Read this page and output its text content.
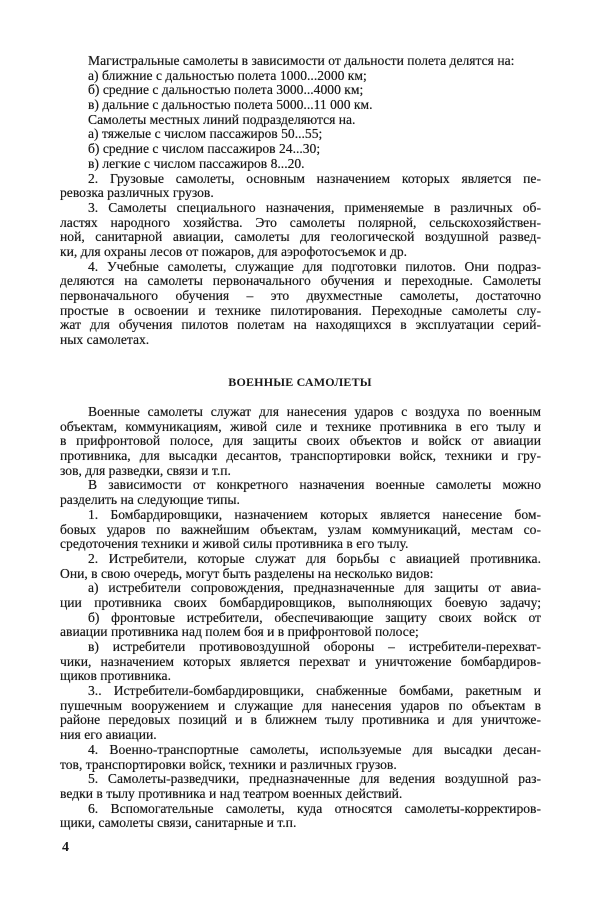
Магистральные самолеты в зависимости от дальности полета делятся на:
а) ближние с дальностью полета 1000...2000 км;
б) средние с дальностью полета 3000...4000 км;
в) дальние с дальностью полета 5000...11 000 км.
Самолеты местных линий подразделяются на.
а) тяжелые с числом пассажиров 50...55;
б) средние с числом пассажиров 24...30;
в) легкие с числом пассажиров 8...20.
2. Грузовые самолеты, основным назначением которых является пе-
ревозка различных грузов.
3. Самолеты специального назначения, применяемые в различных об-
ластях народного хозяйства. Это самолеты полярной, сельскохозяйствен-
ной, санитарной авиации, самолеты для геологической воздушной развед-
ки, для охраны лесов от пожаров, для аэрофотосъемок и др.
4. Учебные самолеты, служащие для подготовки пилотов. Они подраз-
деляются на самолеты первоначального обучения и переходные. Самолеты
первоначального обучения – это двухместные самолеты, достаточно
простые в освоении и технике пилотирования. Переходные самолеты слу-
жат для обучения пилотов полетам на находящихся в эксплуатации серий-
ных самолетах.
ВОЕННЫЕ САМОЛЕТЫ
Военные самолеты служат для нанесения ударов с воздуха по военным
объектам, коммуникациям, живой силе и технике противника в его тылу и
в прифронтовой полосе, для защиты своих объектов и войск от авиации
противника, для высадки десантов, транспортировки войск, техники и гру-
зов, для разведки, связи и т.п.
В зависимости от конкретного назначения военные самолеты можно
разделить на следующие типы.
1. Бомбардировщики, назначением которых является нанесение бом-
бовых ударов по важнейшим объектам, узлам коммуникаций, местам со-
средоточения техники и живой силы противника в его тылу.
2. Истребители, которые служат для борьбы с авиацией противника.
Они, в свою очередь, могут быть разделены на несколько видов:
а) истребители сопровождения, предназначенные для защиты от авиа-
ции противника своих бомбардировщиков, выполняющих боевую задачу;
б) фронтовые истребители, обеспечивающие защиту своих войск от
авиации противника над полем боя и в прифронтовой полосе;
в) истребители противовоздушной обороны – истребители-перехват-
чики, назначением которых является перехват и уничтожение бомбардиров-
щиков противника.
3.. Истребители-бомбардировщики, снабженные бомбами, ракетным и
пушечным вооружением и служащие для нанесения ударов по объектам в
районе передовых позиций и в ближнем тылу противника и для уничтоже-
ния его авиации.
4. Военно-транспортные самолеты, используемые для высадки десан-
тов, транспортировки войск, техники и различных грузов.
5. Самолеты-разведчики, предназначенные для ведения воздушной раз-
ведки в тылу противника и над театром военных действий.
6. Вспомогательные самолеты, куда относятся самолеты-корректиров-
щики, самолеты связи, санитарные и т.п.
4
